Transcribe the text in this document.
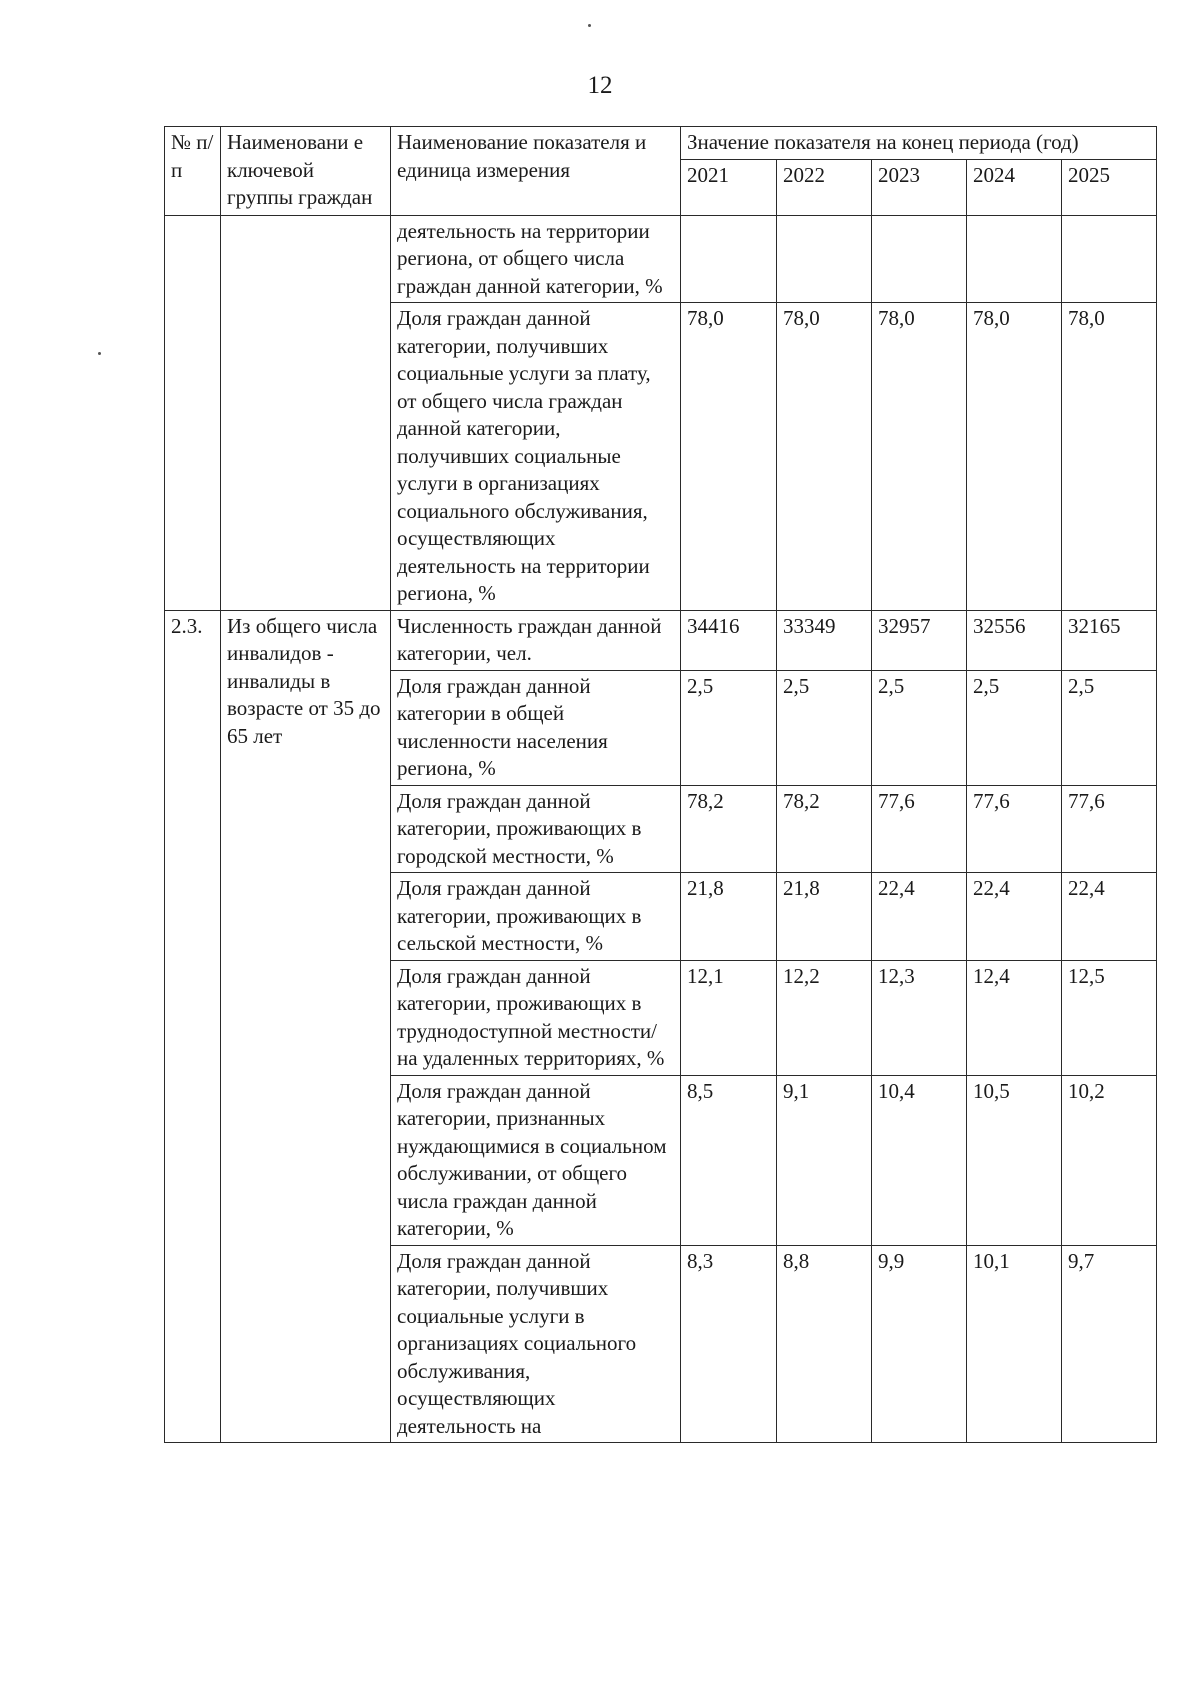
12
№ п/п	Наименовани е ключевой группы граждан	Наименование показателя и единица измерения	Значение показателя на конец периода (год)				
			2021	2022	2023	2024	2025
		деятельность на территории региона, от общего числа граждан данной категории, %					
		Доля граждан данной категории, получивших социальные услуги за плату, от общего числа граждан данной категории, получивших социальные услуги в организациях социального обслуживания, осуществляющих деятельность на территории региона, %	78,0	78,0	78,0	78,0	78,0
2.3.	Из общего числа инвалидов - инвалиды в возрасте от 35 до 65 лет	Численность граждан данной категории, чел.	34416	33349	32957	32556	32165
		Доля граждан данной категории в общей численности населения региона, %	2,5	2,5	2,5	2,5	2,5
		Доля граждан данной категории, проживающих в городской местности, %	78,2	78,2	77,6	77,6	77,6
		Доля граждан данной категории, проживающих в сельской местности, %	21,8	21,8	22,4	22,4	22,4
		Доля граждан данной категории, проживающих в труднодоступной местности/на удаленных территориях, %	12,1	12,2	12,3	12,4	12,5
		Доля граждан данной категории, признанных нуждающимися в социальном обслуживании, от общего числа граждан данной категории, %	8,5	9,1	10,4	10,5	10,2
		Доля граждан данной категории, получивших социальные услуги в организациях социального обслуживания, осуществляющих деятельность на	8,3	8,8	9,9	10,1	9,7
